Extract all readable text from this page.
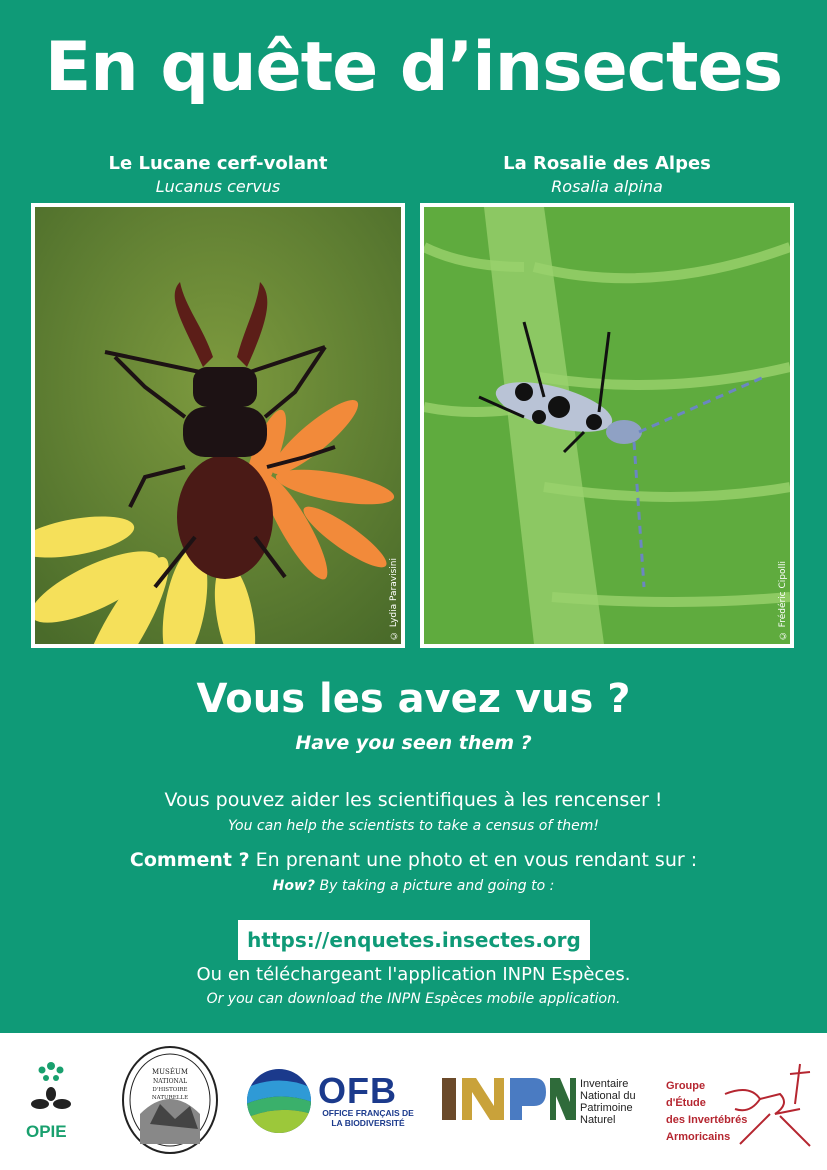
En quête d’insectes
Le Lucane cerf-volant
Lucanus cervus
La Rosalie des Alpes
Rosalia alpina
© Lydia Paravisini	© Frédéric Cipolli
Vous les avez vus ?
Have you seen them ?
Vous pouvez aider les scientifiques à les rencenser !
You can help the scientists to take a census of them!
Comment ? En prenant une photo et en vous rendant sur :
How? By taking a picture and going to :
https://enquetes.insectes.org
Ou en téléchargeant l'application INPN Espèces.
Or you can download the INPN Espèces mobile application.
OPIE
MUSÉUM
NATIONAL
D'HISTOIRE
NATURELLE	OFB
OFFICE FRANÇAIS DE LA BIODIVERSITÉ
Inventaire
National du
Patrimoine
Naturel
Groupe
d'Étude
des Invertébrés
Armoricains
